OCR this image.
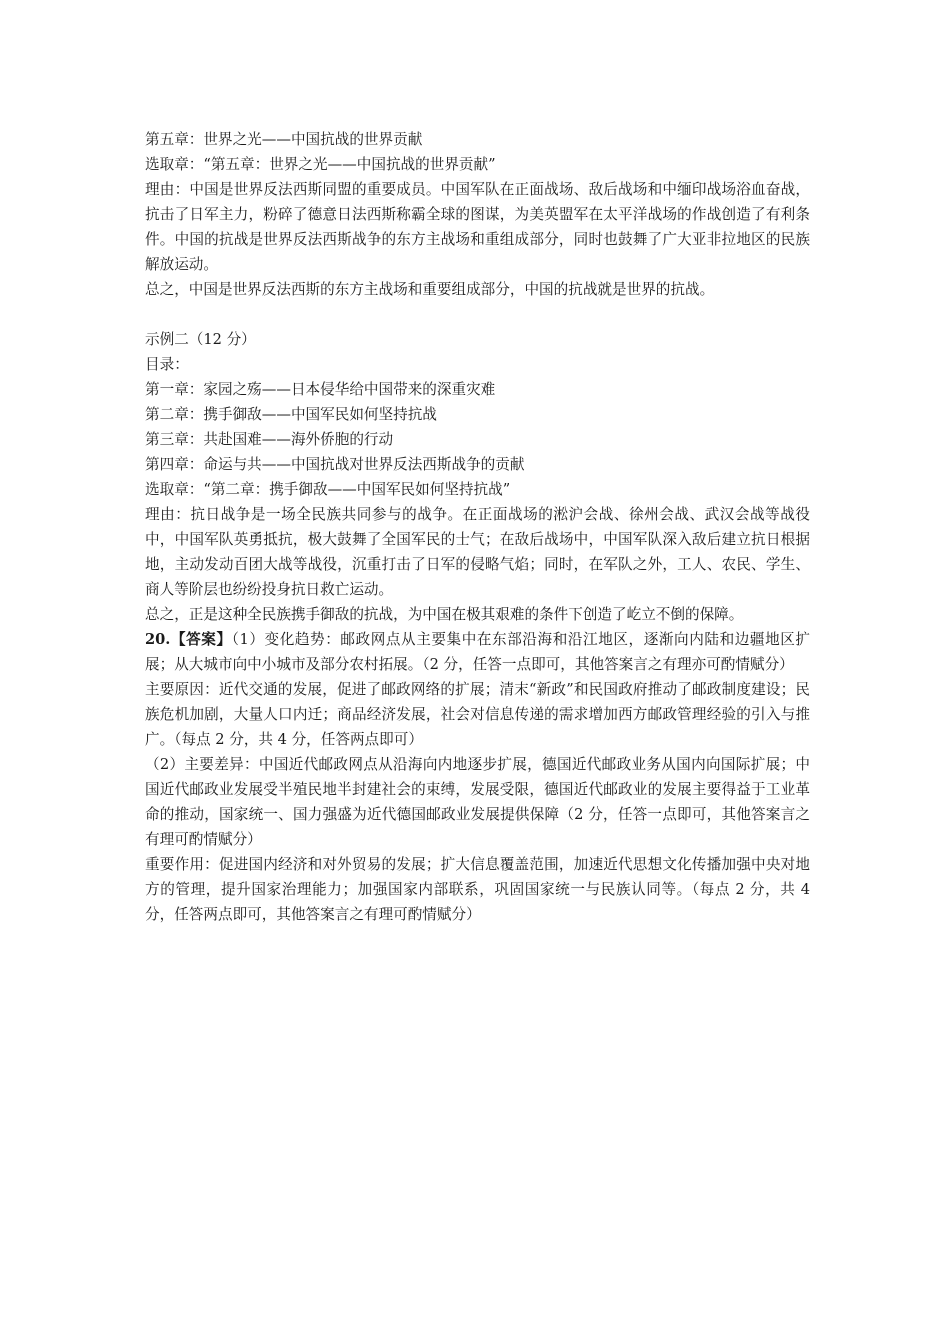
第五章：世界之光——中国抗战的世界贡献

选取章：“第五章：世界之光——中国抗战的世界贡献”

理由：中国是世界反法西斯同盟的重要成员。中国军队在正面战场、敌后战场和中缅印战场浴血奋战，抗击了日军主力，粉碎了德意日法西斯称霸全球的图谋，为美英盟军在太平洋战场的作战创造了有利条件。中国的抗战是世界反法西斯战争的东方主战场和重组成部分，同时也鼓舞了广大亚非拉地区的民族解放运动。

总之，中国是世界反法西斯的东方主战场和重要组成部分，中国的抗战就是世界的抗战。

示例二（12 分）

目录：

第一章：家园之殇——日本侵华给中国带来的深重灾难

第二章：携手御敌——中国军民如何坚持抗战

第三章：共赴国难——海外侨胞的行动

第四章：命运与共——中国抗战对世界反法西斯战争的贡献

选取章：“第二章：携手御敌——中国军民如何坚持抗战”

理由：抗日战争是一场全民族共同参与的战争。在正面战场的淞沪会战、徐州会战、武汉会战等战役中，中国军队英勇抵抗，极大鼓舞了全国军民的士气；在敌后战场中，中国军队深入敌后建立抗日根据地，主动发动百团大战等战役，沉重打击了日军的侵略气焰；同时，在军队之外，工人、农民、学生、商人等阶层也纷纷投身抗日救亡运动。

总之，正是这种全民族携手御敌的抗战，为中国在极其艰难的条件下创造了屹立不倒的保障。

20.【答案】（1）变化趋势：邮政网点从主要集中在东部沿海和沿江地区，逐渐向内陆和边疆地区扩展；从大城市向中小城市及部分农村拓展。（2 分，任答一点即可，其他答案言之有理亦可酌情赋分）

主要原因：近代交通的发展，促进了邮政网络的扩展；清末“新政”和民国政府推动了邮政制度建设；民族危机加剧，大量人口内迁；商品经济发展，社会对信息传递的需求增加西方邮政管理经验的引入与推广。（每点 2 分，共 4 分，任答两点即可）

（2）主要差异：中国近代邮政网点从沿海向内地逐步扩展，德国近代邮政业务从国内向国际扩展；中国近代邮政业发展受半殖民地半封建社会的束缚，发展受限，德国近代邮政业的发展主要得益于工业革命的推动，国家统一、国力强盛为近代德国邮政业发展提供保障（2 分，任答一点即可，其他答案言之有理可酌情赋分）

重要作用：促进国内经济和对外贸易的发展；扩大信息覆盖范围，加速近代思想文化传播加强中央对地方的管理，提升国家治理能力；加强国家内部联系，巩固国家统一与民族认同等。（每点 2 分，共 4 分，任答两点即可，其他答案言之有理可酌情赋分）
